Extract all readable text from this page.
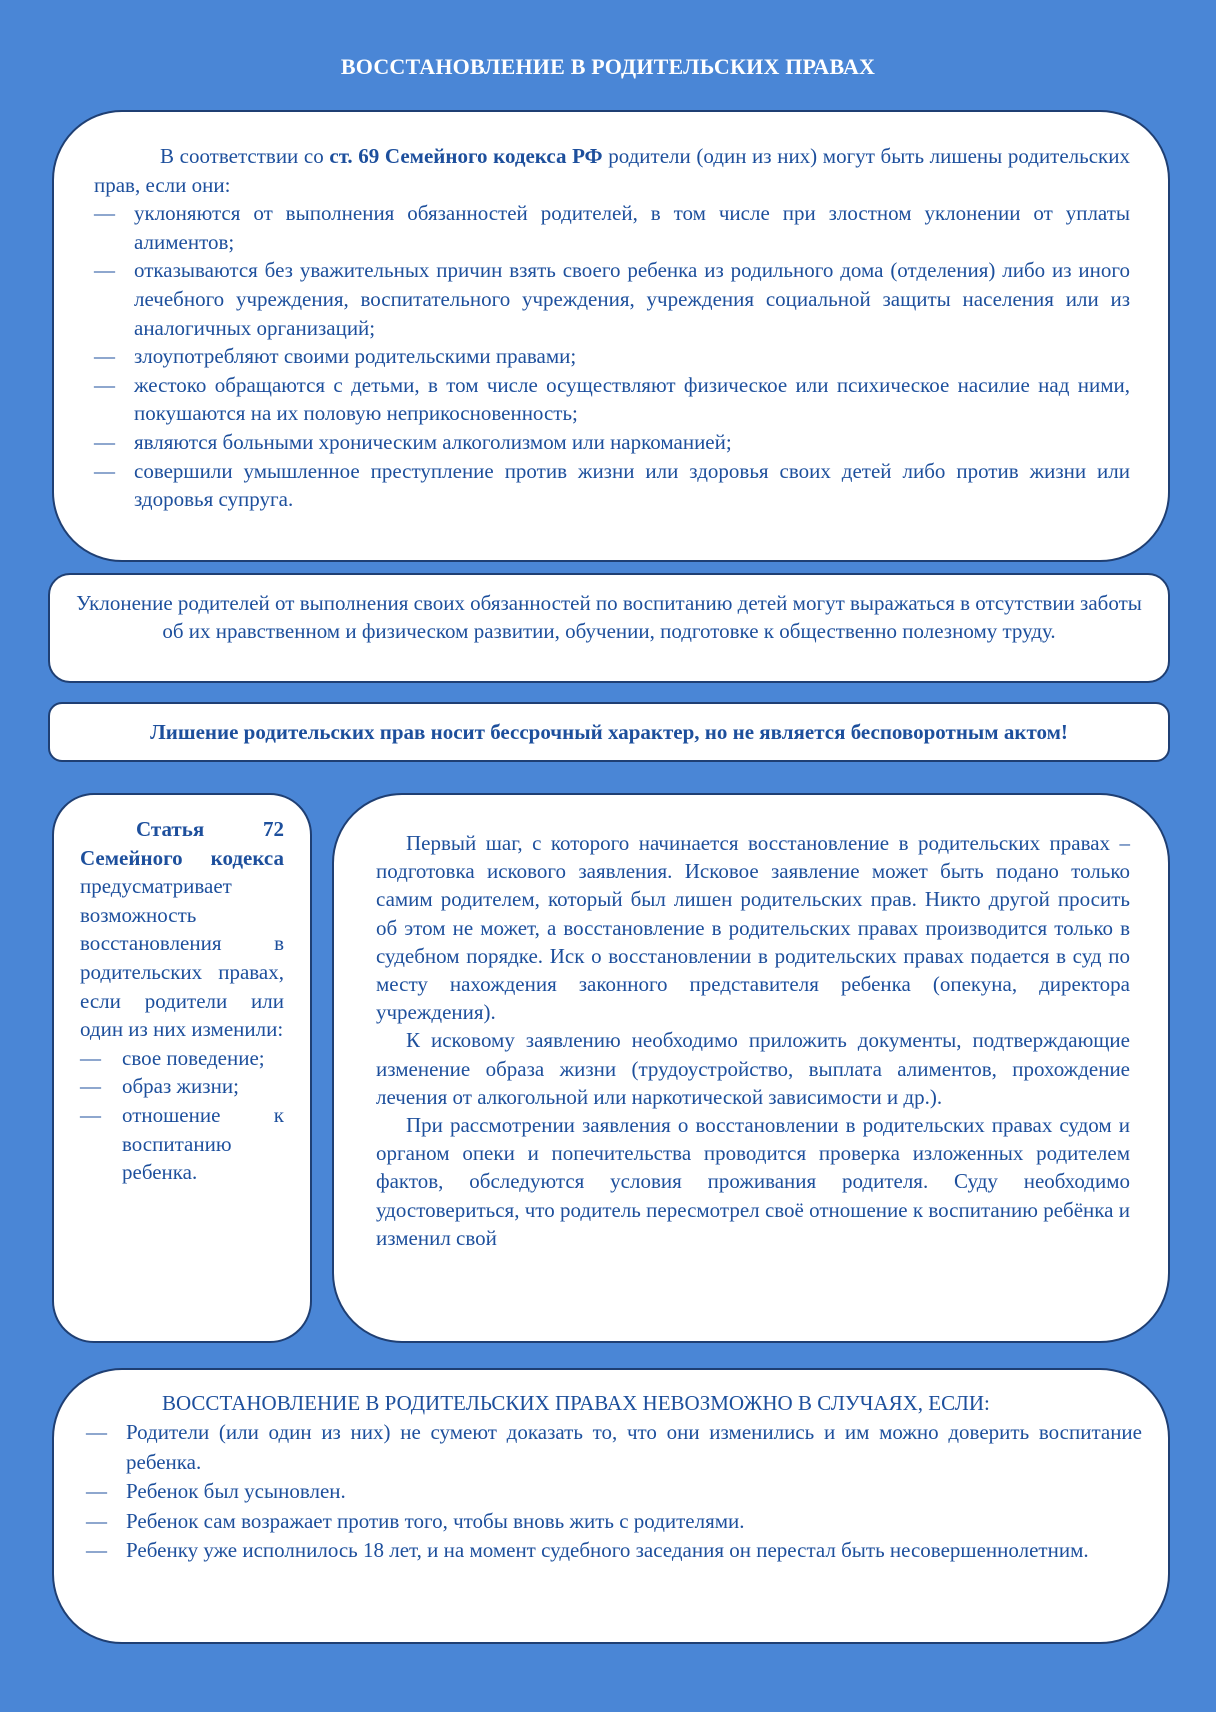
ВОССТАНОВЛЕНИЕ В РОДИТЕЛЬСКИХ ПРАВАХ

В соответствии со ст. 69 Семейного кодекса РФ родители (один из них) могут быть лишены родительских прав, если они:

— уклоняются от выполнения обязанностей родителей, в том числе при злостном уклонении от уплаты алиментов;
— отказываются без уважительных причин взять своего ребенка из родильного дома (отделения) либо из иного лечебного учреждения, воспитательного учреждения, учреждения социальной защиты населения или из аналогичных организаций;
— злоупотребляют своими родительскими правами;
— жестоко обращаются с детьми, в том числе осуществляют физическое или психическое насилие над ними, покушаются на их половую неприкосновенность;
— являются больными хроническим алкоголизмом или наркоманией;
— совершили умышленное преступление против жизни или здоровья своих детей либо против жизни или здоровья супруга.

Уклонение родителей от выполнения своих обязанностей по воспитанию детей могут выражаться в отсутствии заботы об их нравственном и физическом развитии, обучении, подготовке к общественно полезному труду.

Лишение родительских прав носит бессрочный характер, но не является бесповоротным актом!

Статья 72 Семейного кодекса предусматривает возможность восстановления в родительских правах, если родители или один из них изменили:

— свое поведение;
— образ жизни;
— отношение к воспитанию ребенка.

Первый шаг, с которого начинается восстановление в родительских правах – подготовка искового заявления. Исковое заявление может быть подано только самим родителем, который был лишен родительских прав. Никто другой просить об этом не может, а восстановление в родительских правах производится только в судебном порядке. Иск о восстановлении в родительских правах подается в суд по месту нахождения законного представителя ребенка (опекуна, директора учреждения).

К исковому заявлению необходимо приложить документы, подтверждающие изменение образа жизни (трудоустройство, выплата алиментов, прохождение лечения от алкогольной или наркотической зависимости и др.).

При рассмотрении заявления о восстановлении в родительских правах судом и органом опеки и попечительства проводится проверка изложенных родителем фактов, обследуются условия проживания родителя. Суду необходимо удостовериться, что родитель пересмотрел своё отношение к воспитанию ребёнка и изменил свой

ВОССТАНОВЛЕНИЕ В РОДИТЕЛЬСКИХ ПРАВАХ НЕВОЗМОЖНО В СЛУЧАЯХ, ЕСЛИ:

— Родители (или один из них) не сумеют доказать то, что они изменились и им можно доверить воспитание ребенка.
— Ребенок был усыновлен.
— Ребенок сам возражает против того, чтобы вновь жить с родителями.
— Ребенку уже исполнилось 18 лет, и на момент судебного заседания он перестал быть несовершеннолетним.
